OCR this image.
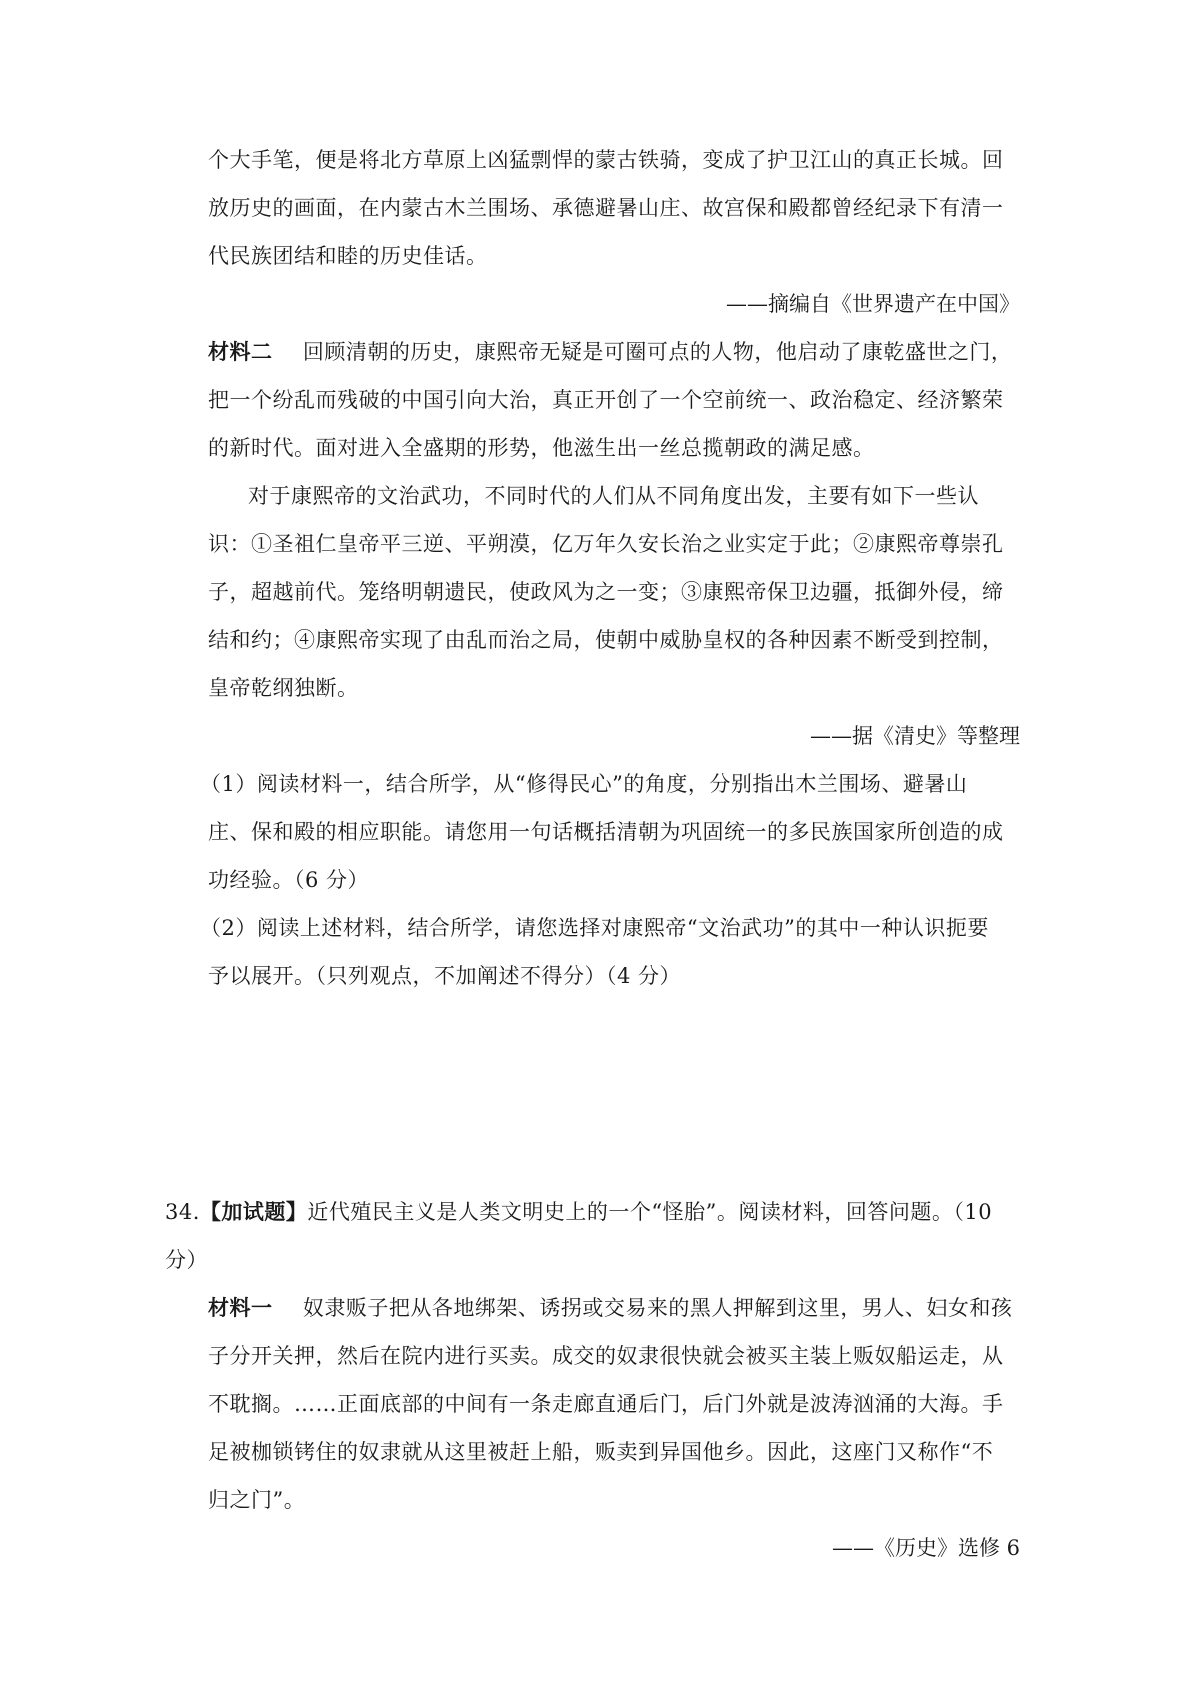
个大手笔，便是将北方草原上凶猛剽悍的蒙古铁骑，变成了护卫江山的真正长城。回
放历史的画面，在内蒙古木兰围场、承德避暑山庄、故宫保和殿都曾经纪录下有清一
代民族团结和睦的历史佳话。
——摘编自《世界遗产在中国》
材料二 回顾清朝的历史，康熙帝无疑是可圈可点的人物，他启动了康乾盛世之门，
把一个纷乱而残破的中国引向大治，真正开创了一个空前统一、政治稳定、经济繁荣
的新时代。面对进入全盛期的形势，他滋生出一丝总揽朝政的满足感。
对于康熙帝的文治武功，不同时代的人们从不同角度出发，主要有如下一些认
识：①圣祖仁皇帝平三逆、平朔漠，亿万年久安长治之业实定于此；②康熙帝尊崇孔
子，超越前代。笼络明朝遗民，使政风为之一变；③康熙帝保卫边疆，抵御外侵，缔
结和约；④康熙帝实现了由乱而治之局，使朝中威胁皇权的各种因素不断受到控制，
皇帝乾纲独断。
——据《清史》等整理
（1）阅读材料一，结合所学，从“修得民心”的角度，分别指出木兰围场、避暑山
庄、保和殿的相应职能。请您用一句话概括清朝为巩固统一的多民族国家所创造的成
功经验。（6 分）
（2）阅读上述材料，结合所学，请您选择对康熙帝“文治武功”的其中一种认识扼要
予以展开。（只列观点，不加阐述不得分）（4 分）
34.【加试题】近代殖民主义是人类文明史上的一个“怪胎”。阅读材料，回答问题。（10
分）
材料一 奴隶贩子把从各地绑架、诱拐或交易来的黑人押解到这里，男人、妇女和孩
子分开关押，然后在院内进行买卖。成交的奴隶很快就会被买主装上贩奴船运走，从
不耽搁。……正面底部的中间有一条走廊直通后门，后门外就是波涛汹涌的大海。手
足被枷锁铐住的奴隶就从这里被赶上船，贩卖到异国他乡。因此，这座门又称作“不
归之门”。
——《历史》选修 6
